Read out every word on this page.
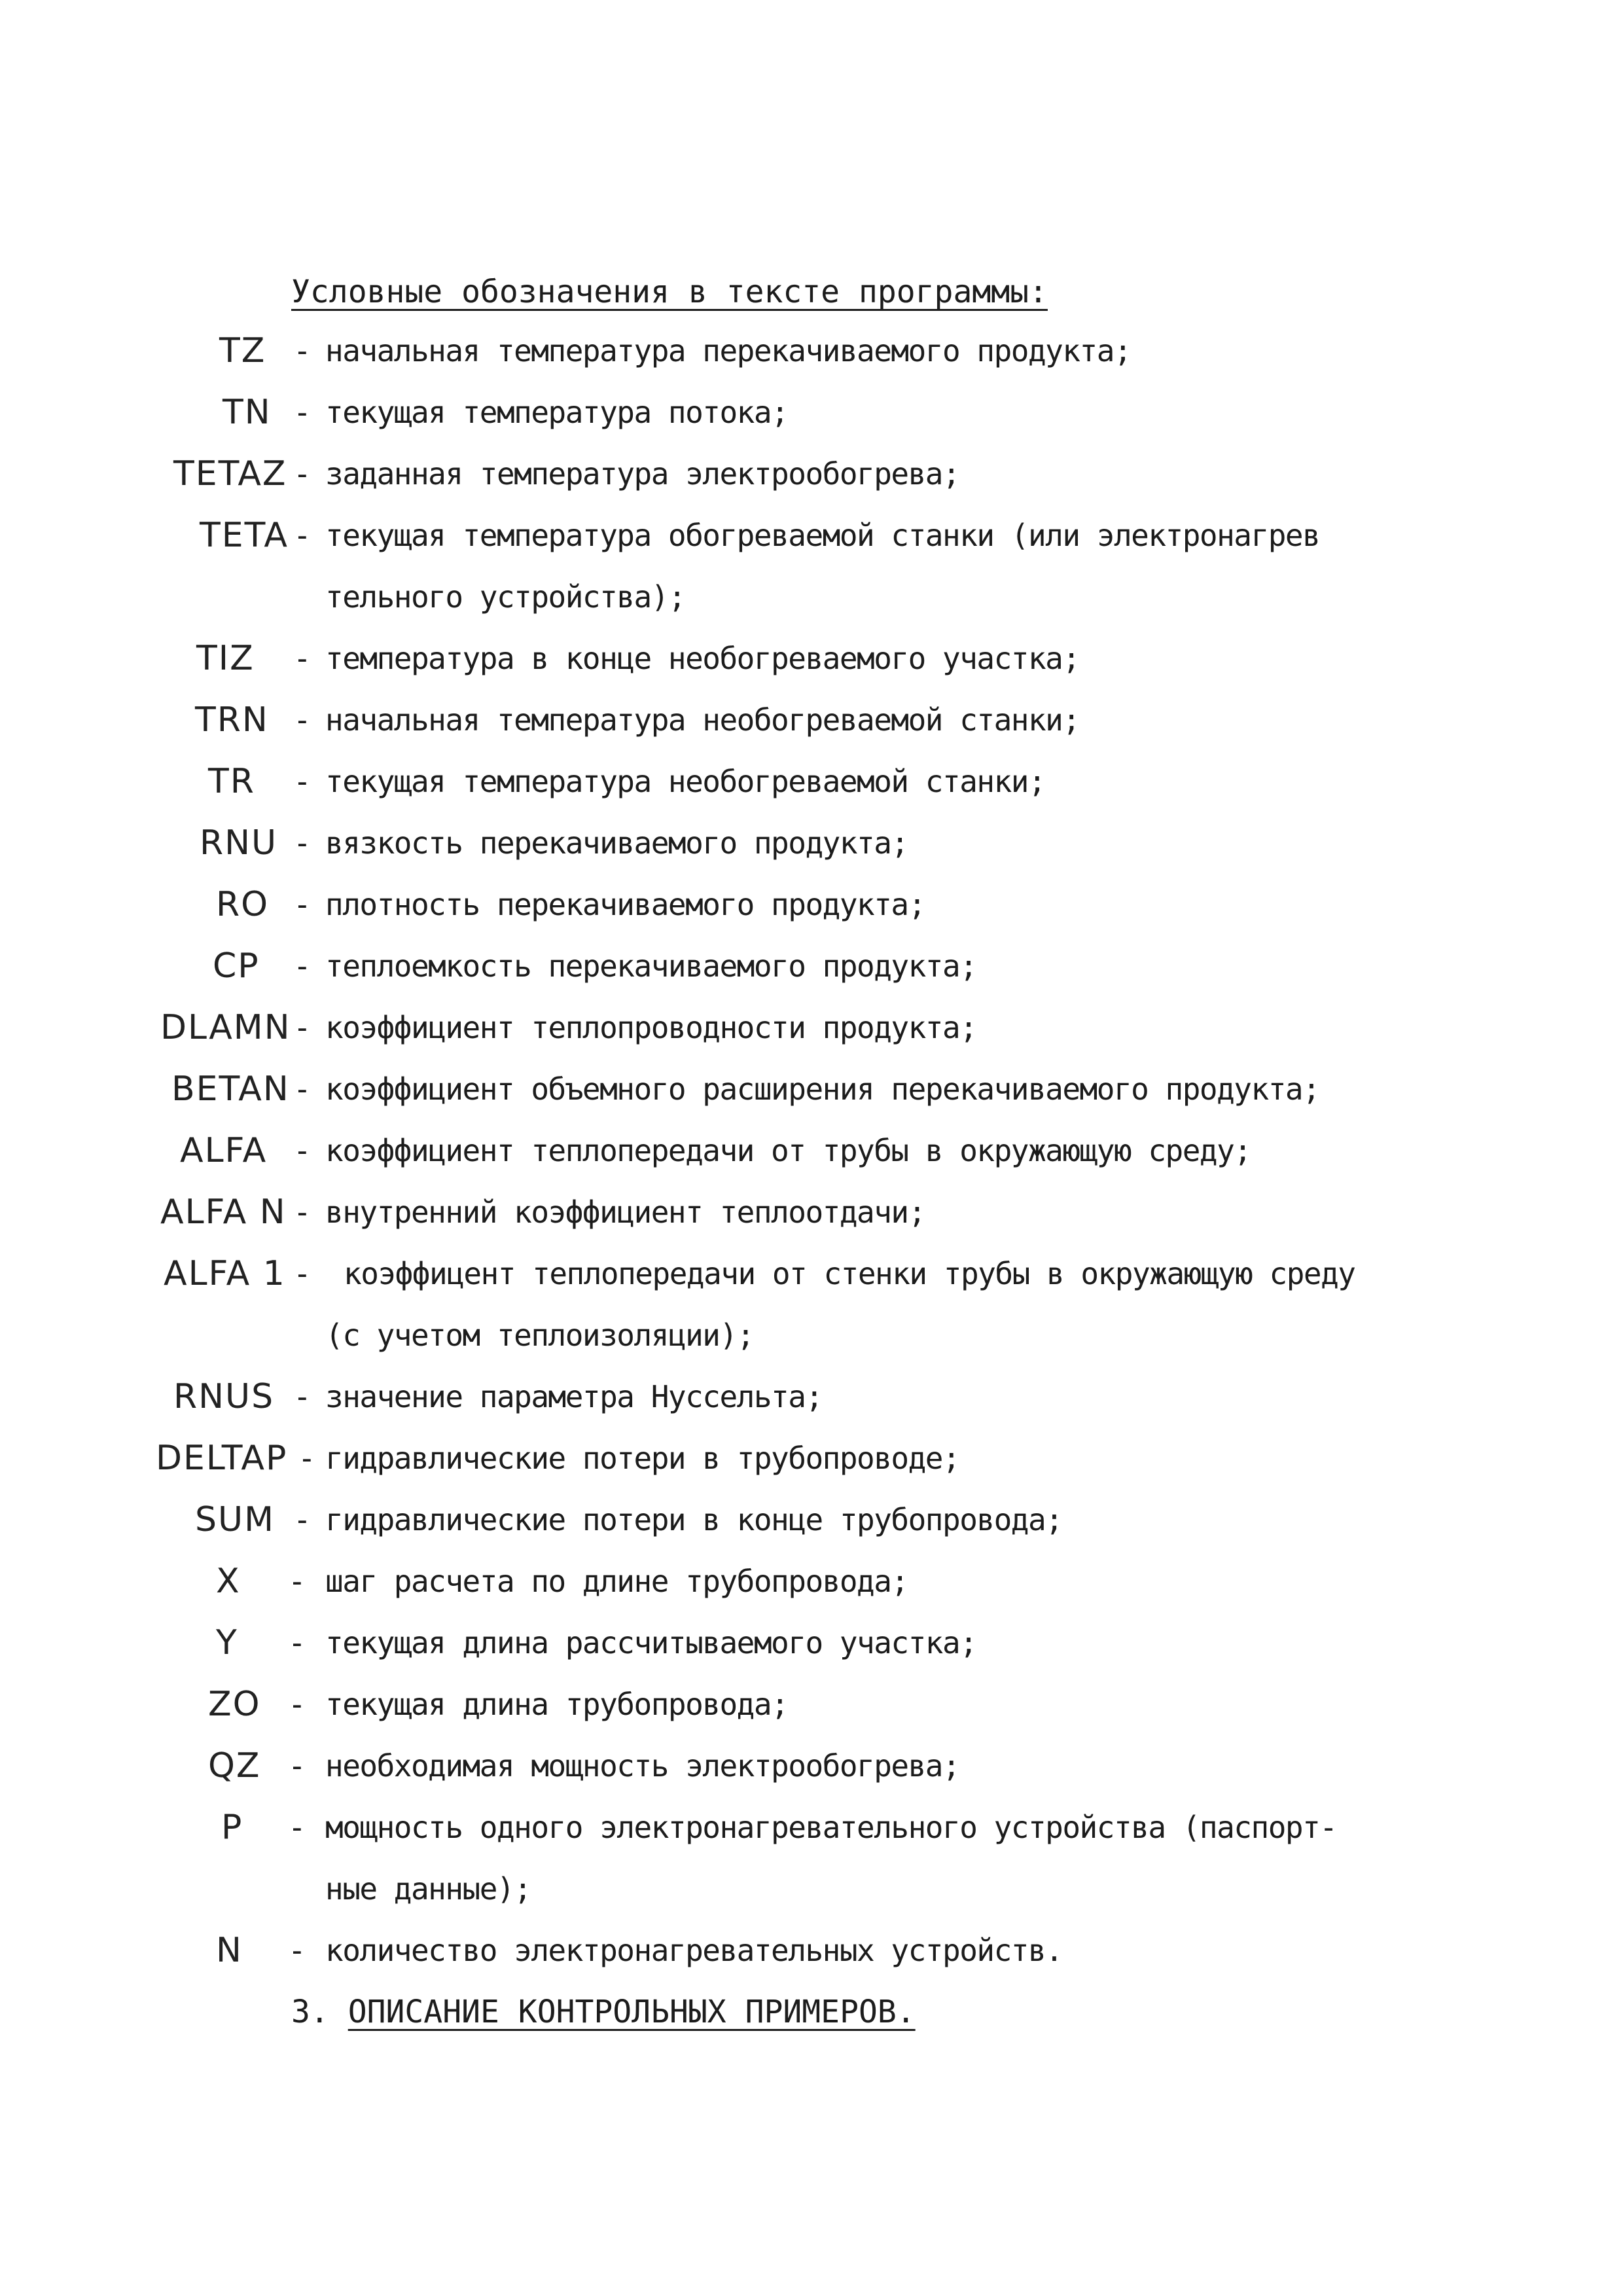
Условные обозначения в тексте программы:
TZ - начальная температура перекачиваемого продукта;
TN - текущая температура потока;
TETAZ - заданная температура электрообогрева;
TETA - текущая температура обогреваемой станки (или электронагрев
тельного устройства);
TIZ - температура в конце необогреваемого участка;
TRN - начальная температура необогреваемой станки;
TR - текущая температура необогреваемой станки;
RNU - вязкость перекачиваемого продукта;
RO - плотность перекачиваемого продукта;
CP - теплоемкость перекачиваемого продукта;
DLAMN - коэффициент теплопроводности продукта;
BETAN - коэффициент объемного расширения перекачиваемого продукта;
ALFA - коэффициент теплопередачи от трубы в окружающую среду;
ALFA N - внутренний коэффициент теплоотдачи;
ALFA 1 - коэффицент теплопередачи от стенки трубы в окружающую среду
(с учетом теплоизоляции);
RNUS - значение параметра Нуссельта;
DELTAP - гидравлические потери в трубопроводе;
SUM - гидравлические потери в конце трубопровода;
X - шаг расчета по длине трубопровода;
Y - текущая длина рассчитываемого участка;
ZO - текущая длина трубопровода;
QZ - необходимая мощность электрообогрева;
P - мощность одного электронагревательного устройства (паспорт-
ные данные);
N - количество электронагревательных устройств.
3. ОПИСАНИЕ КОНТРОЛЬНЫХ ПРИМЕРОВ.
